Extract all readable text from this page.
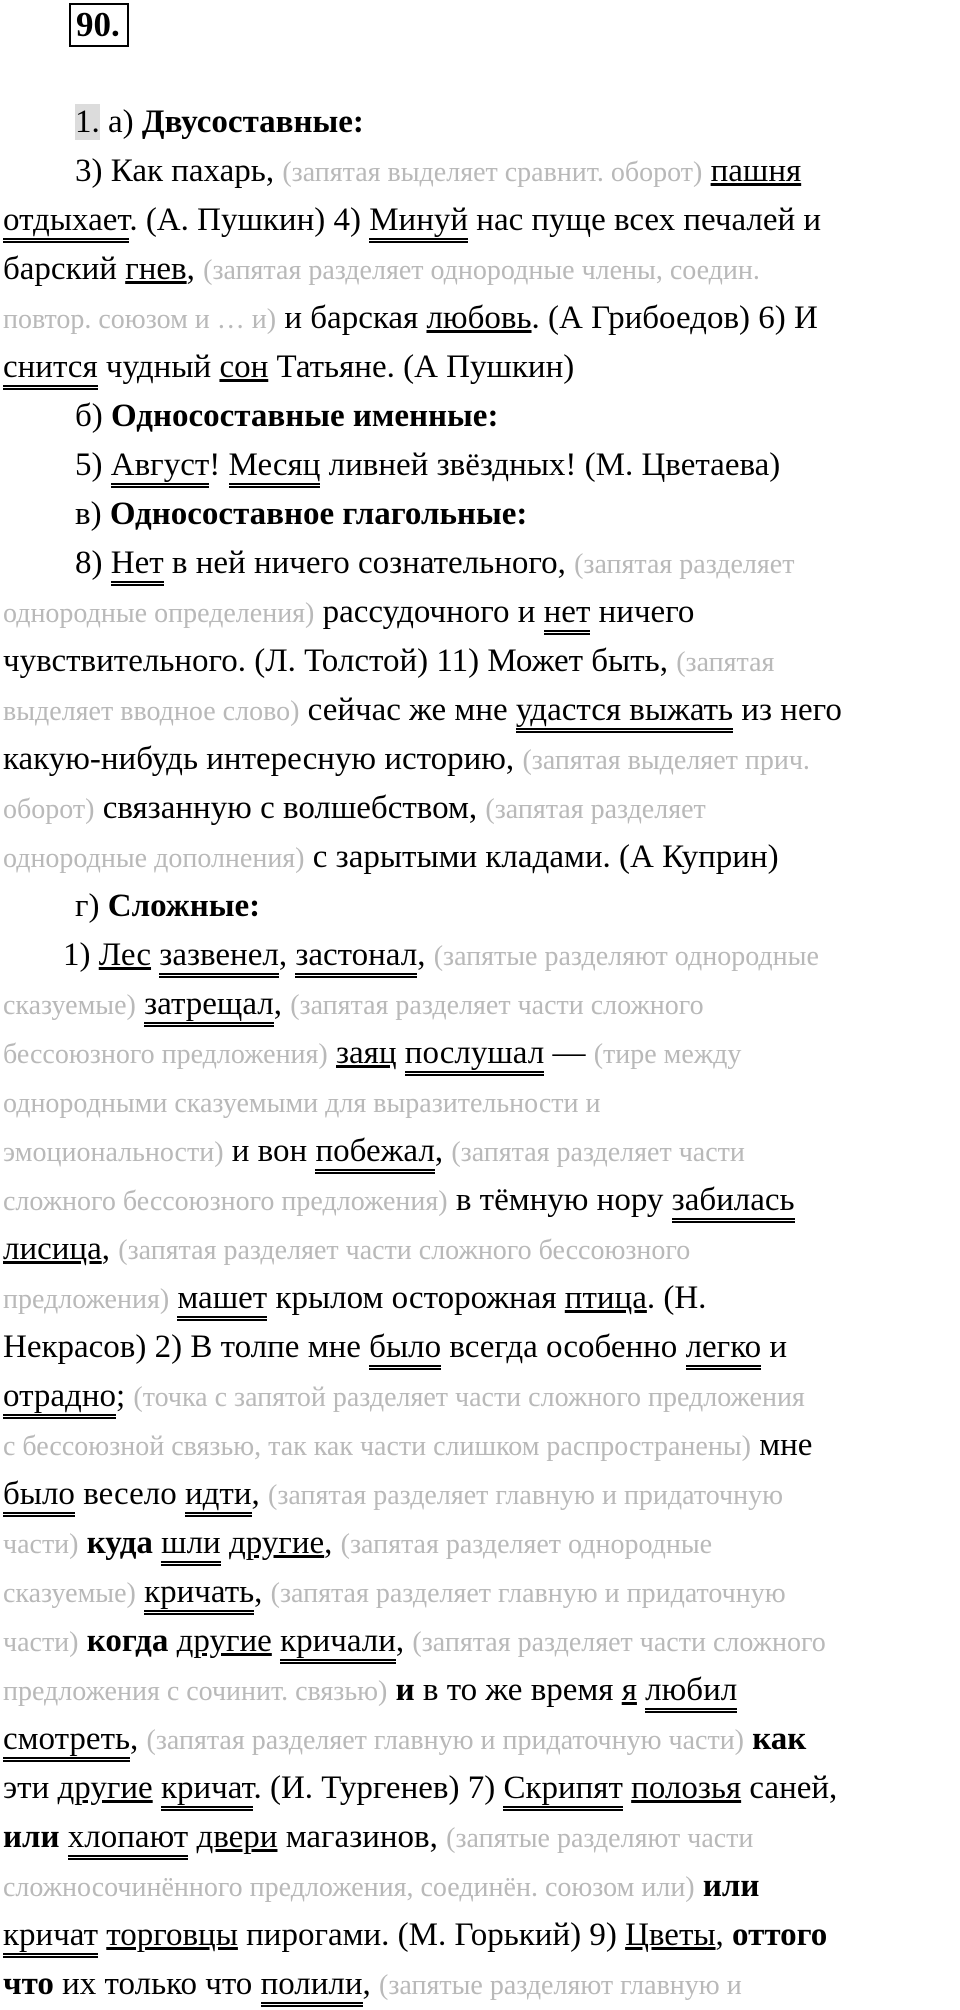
90.
1. а) Двусоставные:
3) Как пахарь, (запятая выделяет сравнит. оборот) пашня
отдыхает. (А. Пушкин) 4) Минуй нас пуще всех печалей и
барский гнев, (запятая разделяет однородные члены, соедин.
повтор. союзом и … и) и барская любовь. (А Грибоедов) 6) И
снится чудный сон Татьяне. (А Пушкин)
б) Односоставные именные:
5) Август! Месяц ливней звёздных! (М. Цветаева)
в) Односоставное глагольные:
8) Нет в ней ничего сознательного, (запятая разделяет
однородные определения) рассудочного и нет ничего
чувствительного. (Л. Толстой) 11) Может быть, (запятая
выделяет вводное слово) сейчас же мне удастся выжать из него
какую-нибудь интересную историю, (запятая выделяет прич.
оборот) связанную с волшебством, (запятая разделяет
однородные дополнения) с зарытыми кладами. (А Куприн)
г) Сложные:
1) Лес зазвенел, застонал, (запятые разделяют однородные
сказуемые) затрещал, (запятая разделяет части сложного
бессоюзного предложения) заяц послушал — (тире между
однородными сказуемыми для выразительности и
эмоциональности) и вон побежал, (запятая разделяет части
сложного бессоюзного предложения) в тёмную нору забилась
лисица, (запятая разделяет части сложного бессоюзного
предложения) машет крылом осторожная птица. (Н.
Некрасов) 2) В толпе мне было всегда особенно легко и
отрадно; (точка с запятой разделяет части сложного предложения
с бессоюзной связью, так как части слишком распространены) мне
было весело идти, (запятая разделяет главную и придаточную
части) куда шли другие, (запятая разделяет однородные
сказуемые) кричать, (запятая разделяет главную и придаточную
части) когда другие кричали, (запятая разделяет части сложного
предложения с сочинит. связью) и в то же время я любил
смотреть, (запятая разделяет главную и придаточную части) как
эти другие кричат. (И. Тургенев) 7) Скрипят полозья саней,
или хлопают двери магазинов, (запятые разделяют части
сложносочинённого предложения, соединён. союзом или) или
кричат торговцы пирогами. (М. Горький) 9) Цветы, оттого
что их только что полили, (запятые разделяют главную и
